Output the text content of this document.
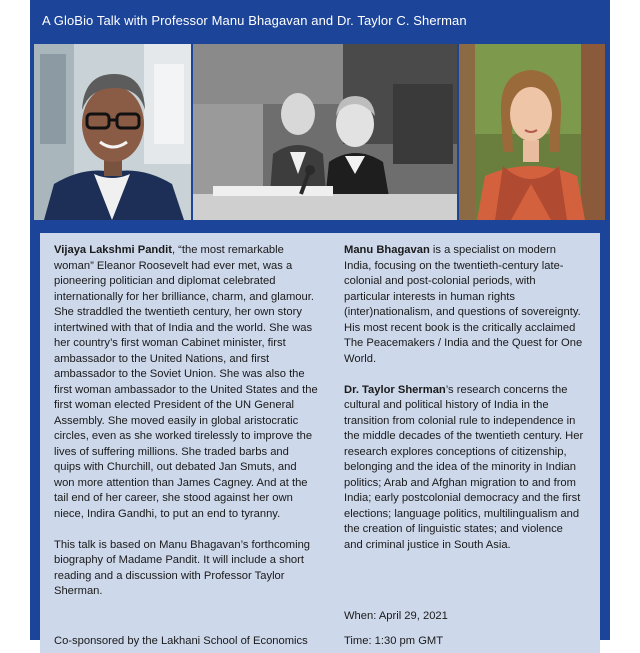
A GloBio Talk with Professor Manu Bhagavan and Dr. Taylor C. Sherman

Vijaya Lakshmi Pandit, “the most remarkable woman” Eleanor Roosevelt had ever met, was a pioneering politician and diplomat celebrated internationally for her brilliance, charm, and glamour. She straddled the twentieth century, her own story intertwined with that of India and the world. She was her country’s first woman Cabinet minister, first ambassador to the United Nations, and first ambassador to the Soviet Union. She was also the first woman ambassador to the United States and the first woman elected President of the UN General Assembly. She moved easily in global aristocratic circles, even as she worked tirelessly to improve the lives of suffering millions. She traded barbs and quips with Churchill, out debated Jan Smuts, and won more attention than James Cagney. And at the tail end of her career, she stood against her own niece, Indira Gandhi, to put an end to tyranny.

This talk is based on Manu Bhagavan’s forthcoming biography of Madame Pandit. It will include a short reading and a discussion with Professor Taylor Sherman.

Manu Bhagavan is a specialist on modern India, focusing on the twentieth-century late-colonial and post-colonial periods, with particular interests in human rights (inter)nationalism, and questions of sovereignty. His most recent book is the critically acclaimed The Peacemakers / India and the Quest for One World.

Dr. Taylor Sherman’s research concerns the cultural and political history of India in the transition from colonial rule to independence in the middle decades of the twentieth century. Her research explores conceptions of citizenship, belonging and the idea of the minority in Indian politics; Arab and Afghan migration to and from India; early postcolonial democracy and the first elections; language politics, multilingualism and the creation of linguistic states; and violence and criminal justice in South Asia.

When: April 29, 2021
Co-sponsored by the Lakhani School of Economics	Time: 1:30 pm GMT
